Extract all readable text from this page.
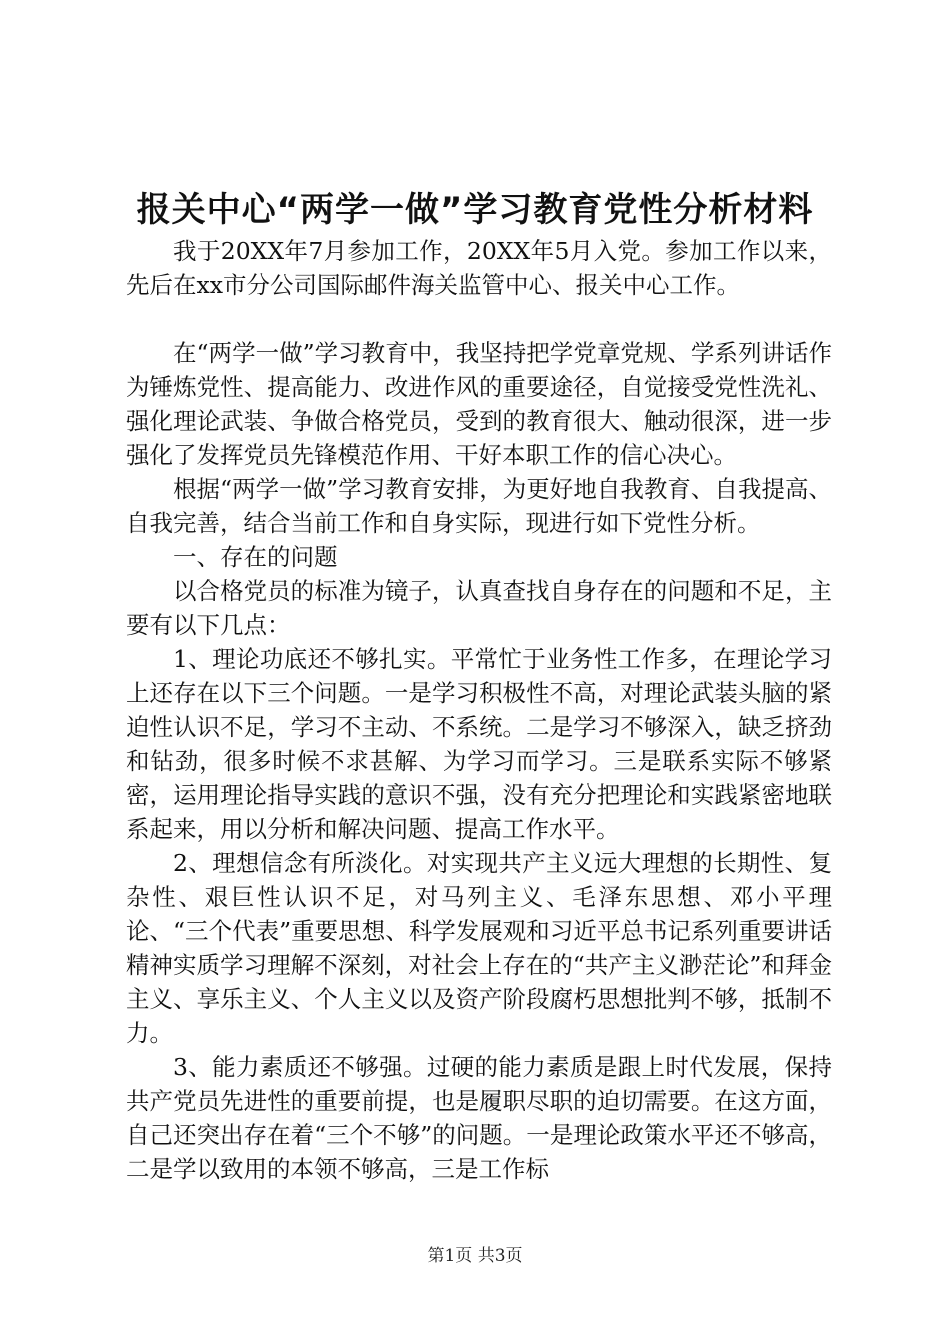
报关中心“两学一做”学习教育党性分析材料

我于20XX年7月参加工作，20XX年5月入党。参加工作以来，先后在xx市分公司国际邮件海关监管中心、报关中心工作。

在“两学一做”学习教育中，我坚持把学党章党规、学系列讲话作为锤炼党性、提高能力、改进作风的重要途径，自觉接受党性洗礼、强化理论武装、争做合格党员，受到的教育很大、触动很深，进一步强化了发挥党员先锋模范作用、干好本职工作的信心决心。

根据“两学一做”学习教育安排，为更好地自我教育、自我提高、自我完善，结合当前工作和自身实际，现进行如下党性分析。

一、存在的问题

以合格党员的标准为镜子，认真查找自身存在的问题和不足，主要有以下几点：

1、理论功底还不够扎实。平常忙于业务性工作多，在理论学习上还存在以下三个问题。一是学习积极性不高，对理论武装头脑的紧迫性认识不足，学习不主动、不系统。二是学习不够深入，缺乏挤劲和钻劲，很多时候不求甚解、为学习而学习。三是联系实际不够紧密，运用理论指导实践的意识不强，没有充分把理论和实践紧密地联系起来，用以分析和解决问题、提高工作水平。

2、理想信念有所淡化。对实现共产主义远大理想的长期性、复杂性、艰巨性认识不足，对马列主义、毛泽东思想、邓小平理论、“三个代表”重要思想、科学发展观和习近平总书记系列重要讲话精神实质学习理解不深刻，对社会上存在的“共产主义渺茫论”和拜金主义、享乐主义、个人主义以及资产阶段腐朽思想批判不够，抵制不力。

3、能力素质还不够强。过硬的能力素质是跟上时代发展，保持共产党员先进性的重要前提，也是履职尽职的迫切需要。在这方面，自己还突出存在着“三个不够”的问题。一是理论政策水平还不够高，二是学以致用的本领不够高，三是工作标

第1页 共3页
